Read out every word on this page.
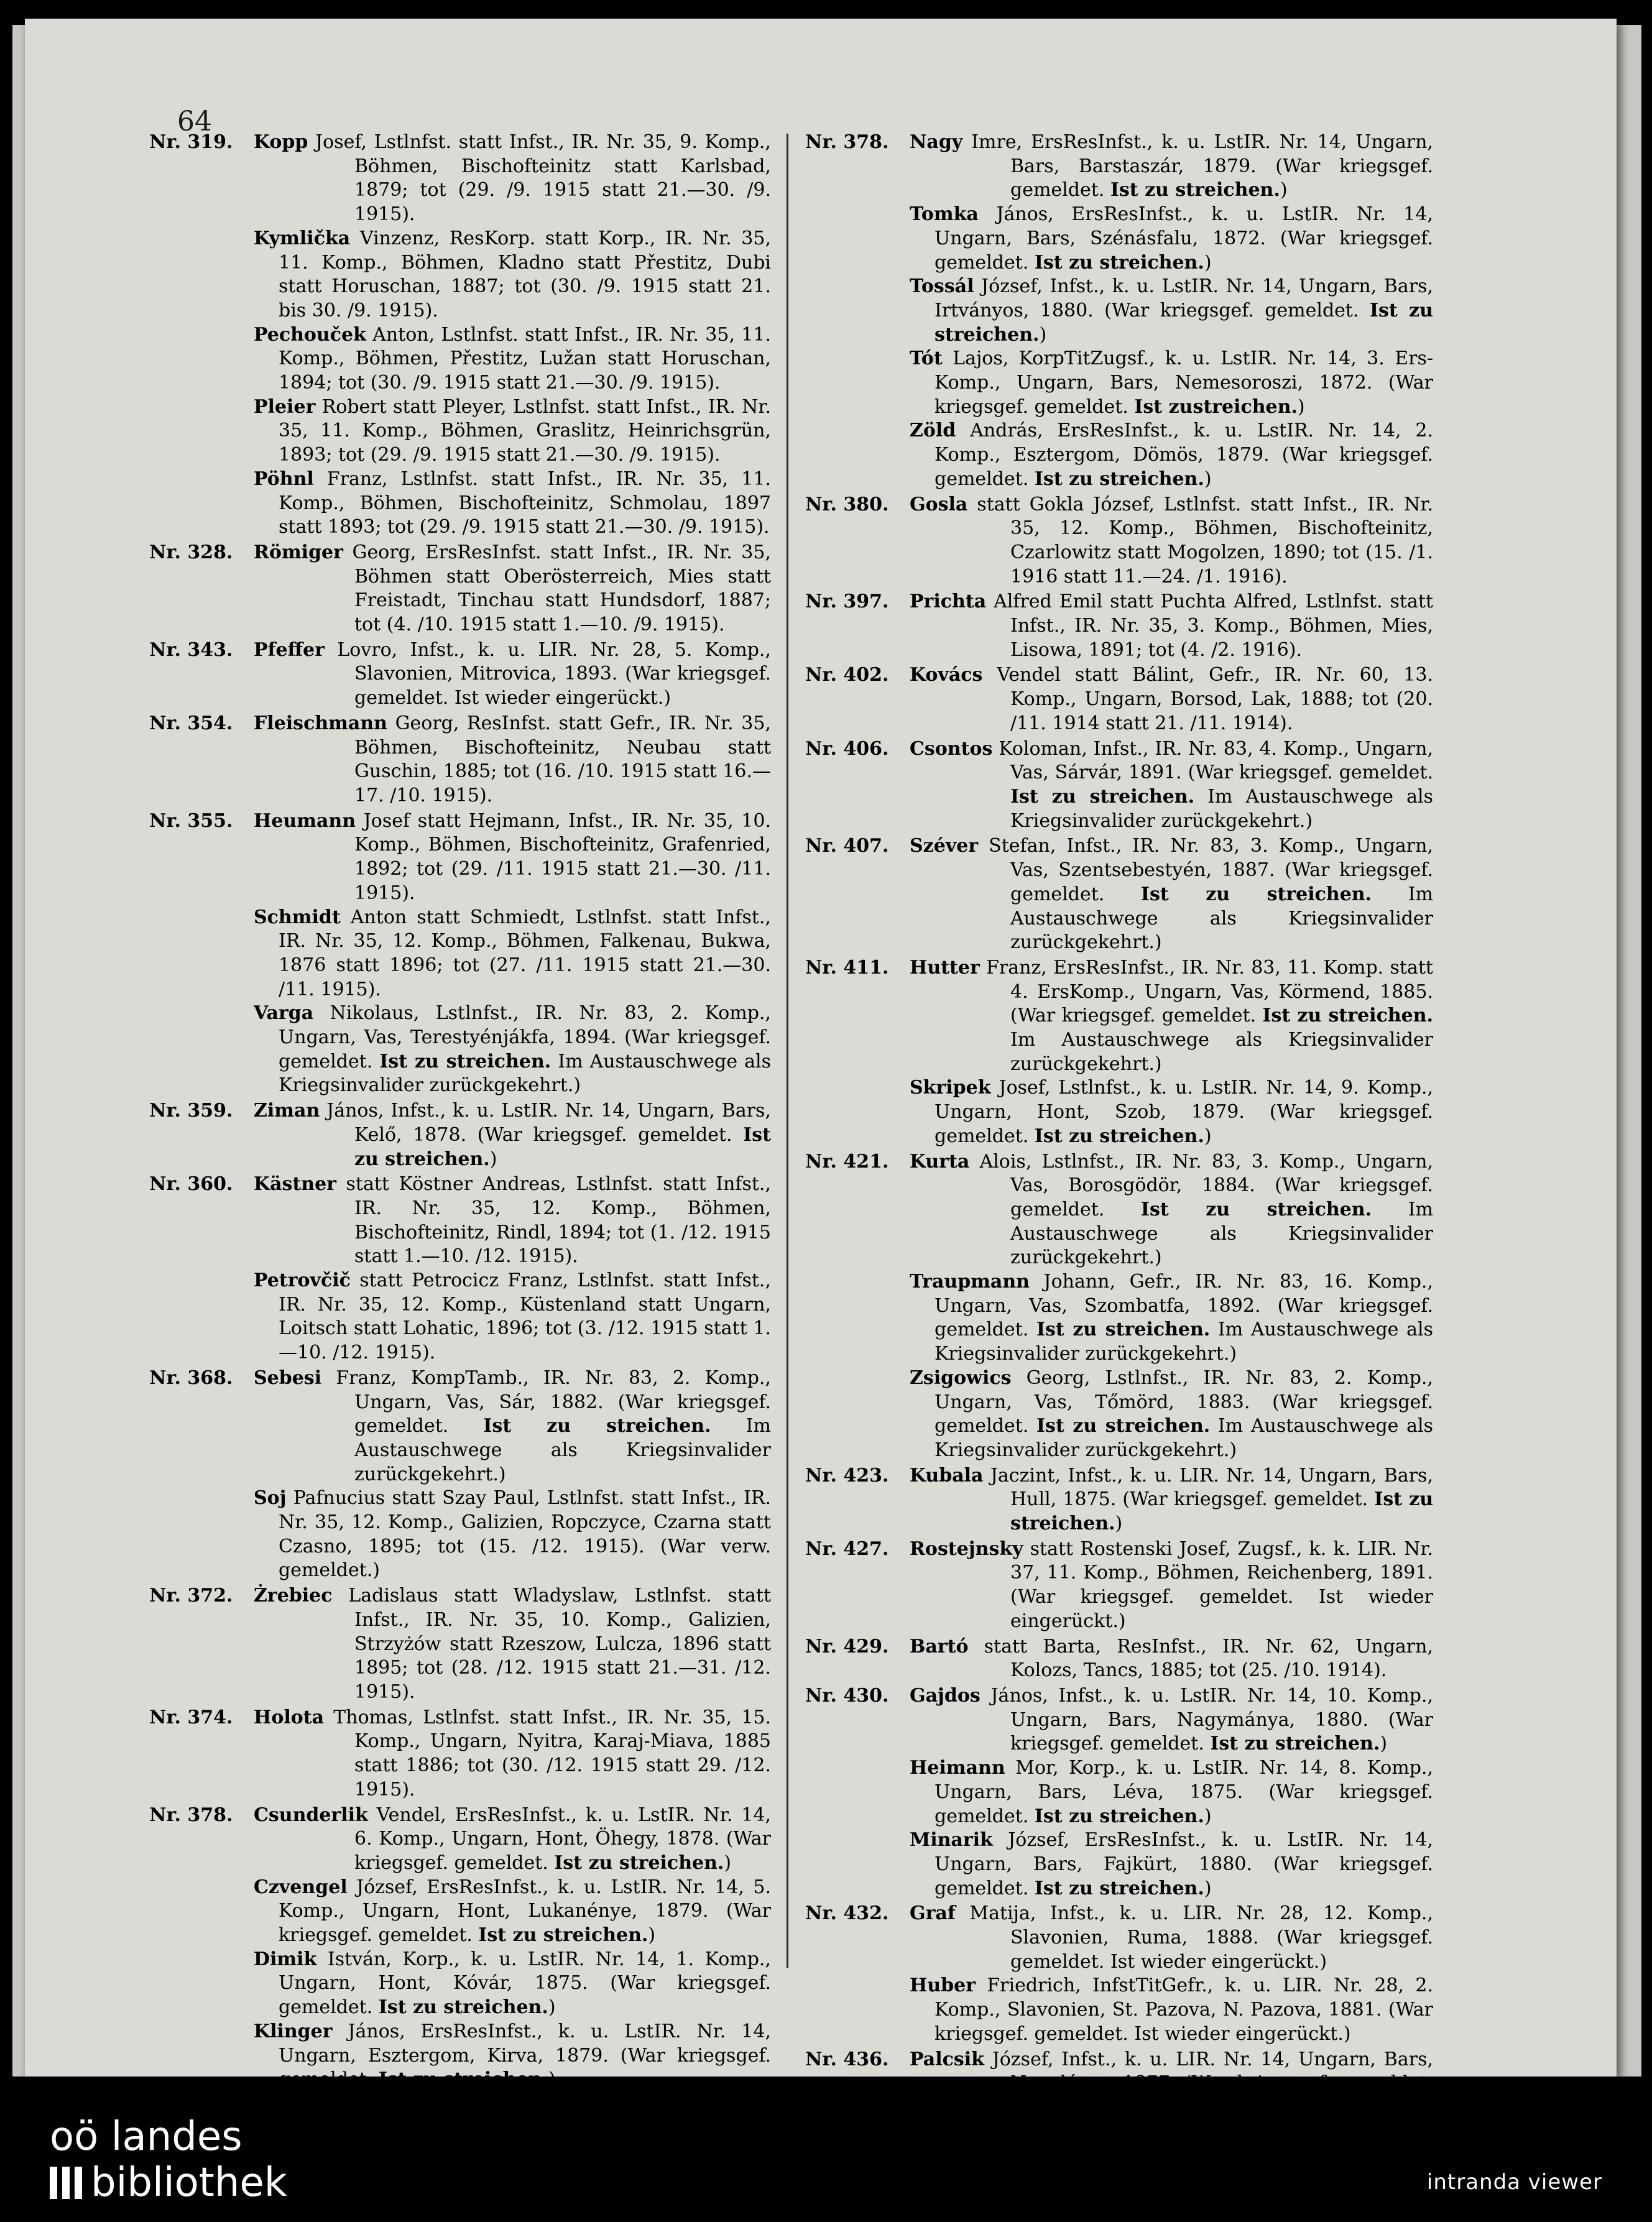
64
Nr. 319.	Kopp Josef, Lstlnfst. statt Infst., IR. Nr. 35, 9. Komp., Böhmen, Bischofteinitz statt Karlsbad, 1879; tot (29. /9. 1915 statt 21.—30. /9. 1915).
Kymlička Vinzenz, ResKorp. statt Korp., IR. Nr. 35, 11. Komp., Böhmen, Kladno statt Přestitz, Dubi statt Horuschan, 1887; tot (30. /9. 1915 statt 21. bis 30. /9. 1915).
Pechouček Anton, Lstlnfst. statt Infst., IR. Nr. 35, 11. Komp., Böhmen, Přestitz, Lužan statt Horuschan, 1894; tot (30. /9. 1915 statt 21.—30. /9. 1915).
Pleier Robert statt Pleyer, Lstlnfst. statt Infst., IR. Nr. 35, 11. Komp., Böhmen, Graslitz, Heinrichsgrün, 1893; tot (29. /9. 1915 statt 21.—30. /9. 1915).
Pöhnl Franz, Lstlnfst. statt Infst., IR. Nr. 35, 11. Komp., Böhmen, Bischofteinitz, Schmolau, 1897 statt 1893; tot (29. /9. 1915 statt 21.—30. /9. 1915).
Nr. 328.	Römiger Georg, ErsResInfst. statt Infst., IR. Nr. 35, Böhmen statt Oberösterreich, Mies statt Freistadt, Tinchau statt Hundsdorf, 1887; tot (4. /10. 1915 statt 1.—10. /9. 1915).
Nr. 343.	Pfeffer Lovro, Infst., k. u. LIR. Nr. 28, 5. Komp., Slavonien, Mitrovica, 1893. (War kriegsgef. gemeldet. Ist wieder eingerückt.)
Nr. 354.	Fleischmann Georg, ResInfst. statt Gefr., IR. Nr. 35, Böhmen, Bischofteinitz, Neubau statt Guschin, 1885; tot (16. /10. 1915 statt 16.—17. /10. 1915).
Nr. 355.	Heumann Josef statt Hejmann, Infst., IR. Nr. 35, 10. Komp., Böhmen, Bischofteinitz, Grafenried, 1892; tot (29. /11. 1915 statt 21.—30. /11. 1915).
Schmidt Anton statt Schmiedt, Lstlnfst. statt Infst., IR. Nr. 35, 12. Komp., Böhmen, Falkenau, Bukwa, 1876 statt 1896; tot (27. /11. 1915 statt 21.—30. /11. 1915).
Varga Nikolaus, Lstlnfst., IR. Nr. 83, 2. Komp., Ungarn, Vas, Terestyénjákfa, 1894. (War kriegsgef. gemeldet. Ist zu streichen. Im Austauschwege als Kriegsinvalider zurückgekehrt.)
Nr. 359.	Ziman János, Infst., k. u. LstIR. Nr. 14, Ungarn, Bars, Kelő, 1878. (War kriegsgef. gemeldet. Ist zu streichen.)
Nr. 360.	Kästner statt Köstner Andreas, Lstlnfst. statt Infst., IR. Nr. 35, 12. Komp., Böhmen, Bischofteinitz, Rindl, 1894; tot (1. /12. 1915 statt 1.—10. /12. 1915).
Petrovčič statt Petrocicz Franz, Lstlnfst. statt Infst., IR. Nr. 35, 12. Komp., Küstenland statt Ungarn, Loitsch statt Lohatic, 1896; tot (3. /12. 1915 statt 1.—10. /12. 1915).
Nr. 368.	Sebesi Franz, KompTamb., IR. Nr. 83, 2. Komp., Ungarn, Vas, Sár, 1882. (War kriegsgef. gemeldet. Ist zu streichen. Im Austauschwege als Kriegsinvalider zurückgekehrt.)
Soj Pafnucius statt Szay Paul, Lstlnfst. statt Infst., IR. Nr. 35, 12. Komp., Galizien, Ropczyce, Czarna statt Czasno, 1895; tot (15. /12. 1915). (War verw. gemeldet.)
Nr. 372.	Żrebiec Ladislaus statt Wladyslaw, Lstlnfst. statt Infst., IR. Nr. 35, 10. Komp., Galizien, Strzyżów statt Rzeszow, Lulcza, 1896 statt 1895; tot (28. /12. 1915 statt 21.—31. /12. 1915).
Nr. 374.	Holota Thomas, Lstlnfst. statt Infst., IR. Nr. 35, 15. Komp., Ungarn, Nyitra, Karaj-Miava, 1885 statt 1886; tot (30. /12. 1915 statt 29. /12. 1915).
Nr. 378.	Csunderlik Vendel, ErsResInfst., k. u. LstIR. Nr. 14, 6. Komp., Ungarn, Hont, Öhegy, 1878. (War kriegsgef. gemeldet. Ist zu streichen.)
Czvengel József, ErsResInfst., k. u. LstIR. Nr. 14, 5. Komp., Ungarn, Hont, Lukanénye, 1879. (War kriegsgef. gemeldet. Ist zu streichen.)
Dimik István, Korp., k. u. LstIR. Nr. 14, 1. Komp., Ungarn, Hont, Kóvár, 1875. (War kriegsgef. gemeldet. Ist zu streichen.)
Klinger János, ErsResInfst., k. u. LstIR. Nr. 14, Ungarn, Esztergom, Kirva, 1879. (War kriegsgef. gemeldet. Ist zu streichen.)
Nr. 378.	Nagy Imre, ErsResInfst., k. u. LstIR. Nr. 14, Ungarn, Bars, Barstaszár, 1879. (War kriegsgef. gemeldet. Ist zu streichen.)
Tomka János, ErsResInfst., k. u. LstIR. Nr. 14, Ungarn, Bars, Szénásfalu, 1872. (War kriegsgef. gemeldet. Ist zu streichen.)
Tossál József, Infst., k. u. LstIR. Nr. 14, Ungarn, Bars, Irtványos, 1880. (War kriegsgef. gemeldet. Ist zu streichen.)
Tót Lajos, KorpTitZugsf., k. u. LstIR. Nr. 14, 3. Ers-Komp., Ungarn, Bars, Nemesoroszi, 1872. (War kriegsgef. gemeldet. Ist zustreichen.)
Zöld András, ErsResInfst., k. u. LstIR. Nr. 14, 2. Komp., Esztergom, Dömös, 1879. (War kriegsgef. gemeldet. Ist zu streichen.)
Nr. 380.	Gosla statt Gokla József, Lstlnfst. statt Infst., IR. Nr. 35, 12. Komp., Böhmen, Bischofteinitz, Czarlowitz statt Mogolzen, 1890; tot (15. /1. 1916 statt 11.—24. /1. 1916).
Nr. 397.	Prichta Alfred Emil statt Puchta Alfred, Lstlnfst. statt Infst., IR. Nr. 35, 3. Komp., Böhmen, Mies, Lisowa, 1891; tot (4. /2. 1916).
Nr. 402.	Kovács Vendel statt Bálint, Gefr., IR. Nr. 60, 13. Komp., Ungarn, Borsod, Lak, 1888; tot (20. /11. 1914 statt 21. /11. 1914).
Nr. 406.	Csontos Koloman, Infst., IR. Nr. 83, 4. Komp., Ungarn, Vas, Sárvár, 1891. (War kriegsgef. gemeldet. Ist zu streichen. Im Austauschwege als Kriegsinvalider zurückgekehrt.)
Nr. 407.	Széver Stefan, Infst., IR. Nr. 83, 3. Komp., Ungarn, Vas, Szentsebestyén, 1887. (War kriegsgef. gemeldet. Ist zu streichen. Im Austauschwege als Kriegsinvalider zurückgekehrt.)
Nr. 411.	Hutter Franz, ErsResInfst., IR. Nr. 83, 11. Komp. statt 4. ErsKomp., Ungarn, Vas, Körmend, 1885. (War kriegsgef. gemeldet. Ist zu streichen. Im Austauschwege als Kriegsinvalider zurückgekehrt.)
Skripek Josef, Lstlnfst., k. u. LstIR. Nr. 14, 9. Komp., Ungarn, Hont, Szob, 1879. (War kriegsgef. gemeldet. Ist zu streichen.)
Nr. 421.	Kurta Alois, Lstlnfst., IR. Nr. 83, 3. Komp., Ungarn, Vas, Borosgödör, 1884. (War kriegsgef. gemeldet. Ist zu streichen. Im Austauschwege als Kriegsinvalider zurückgekehrt.)
Traupmann Johann, Gefr., IR. Nr. 83, 16. Komp., Ungarn, Vas, Szombatfa, 1892. (War kriegsgef. gemeldet. Ist zu streichen. Im Austauschwege als Kriegsinvalider zurückgekehrt.)
Zsigowics Georg, Lstlnfst., IR. Nr. 83, 2. Komp., Ungarn, Vas, Tőmörd, 1883. (War kriegsgef. gemeldet. Ist zu streichen. Im Austauschwege als Kriegsinvalider zurückgekehrt.)
Nr. 423.	Kubala Jaczint, Infst., k. u. LIR. Nr. 14, Ungarn, Bars, Hull, 1875. (War kriegsgef. gemeldet. Ist zu streichen.)
Nr. 427.	Rostejnsky statt Rostenski Josef, Zugsf., k. k. LIR. Nr. 37, 11. Komp., Böhmen, Reichenberg, 1891. (War kriegsgef. gemeldet. Ist wieder eingerückt.)
Nr. 429.	Bartó statt Barta, ResInfst., IR. Nr. 62, Ungarn, Kolozs, Tancs, 1885; tot (25. /10. 1914).
Nr. 430.	Gajdos János, Infst., k. u. LstIR. Nr. 14, 10. Komp., Ungarn, Bars, Nagymánya, 1880. (War kriegsgef. gemeldet. Ist zu streichen.)
Heimann Mor, Korp., k. u. LstIR. Nr. 14, 8. Komp., Ungarn, Bars, Léva, 1875. (War kriegsgef. gemeldet. Ist zu streichen.)
Minarik József, ErsResInfst., k. u. LstIR. Nr. 14, Ungarn, Bars, Fajkürt, 1880. (War kriegsgef. gemeldet. Ist zu streichen.)
Nr. 432.	Graf Matija, Infst., k. u. LIR. Nr. 28, 12. Komp., Slavonien, Ruma, 1888. (War kriegsgef. gemeldet. Ist wieder eingerückt.)
Huber Friedrich, InfstTitGefr., k. u. LIR. Nr. 28, 2. Komp., Slavonien, St. Pazova, N. Pazova, 1881. (War kriegsgef. gemeldet. Ist wieder eingerückt.)
Nr. 436.	Palcsik József, Infst., k. u. LIR. Nr. 14, Ungarn, Bars, Nagylócsa, 1877. (War kriegsgef. gemeldet.
oö landes
bibliothek	intranda viewer
